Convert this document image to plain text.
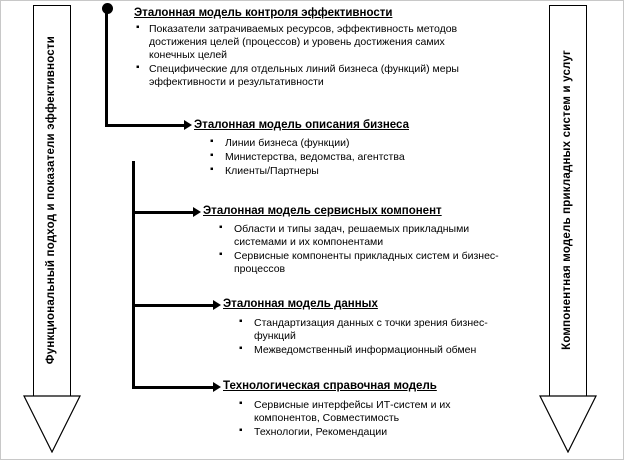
Функциональный подход и показатели эффективности	Компонентная модель прикладных систем и услуг
Эталонная модель контроля эффективности
▪ Показатели затрачиваемых ресурсов, эффективность методов достижения целей (процессов) и уровень достижения самих конечных целей
▪ Специфические для отдельных линий бизнеса (функций) меры эффективности и результативности
Эталонная модель описания бизнеса
▪ Линии бизнеса (функции)
▪ Министерства, ведомства, агентства
▪ Клиенты/Партнеры
Эталонная модель сервисных компонент
▪ Области и типы задач, решаемых прикладными системами и их компонентами
▪ Сервисные компоненты прикладных систем и бизнес-процессов
Эталонная модель данных
▪ Стандартизация данных с точки зрения бизнес-функций
▪ Межведомственный информационный обмен
Технологическая справочная модель
▪ Сервисные интерфейсы ИТ-систем и их компонентов, Совместимость
▪ Технологии, Рекомендации
